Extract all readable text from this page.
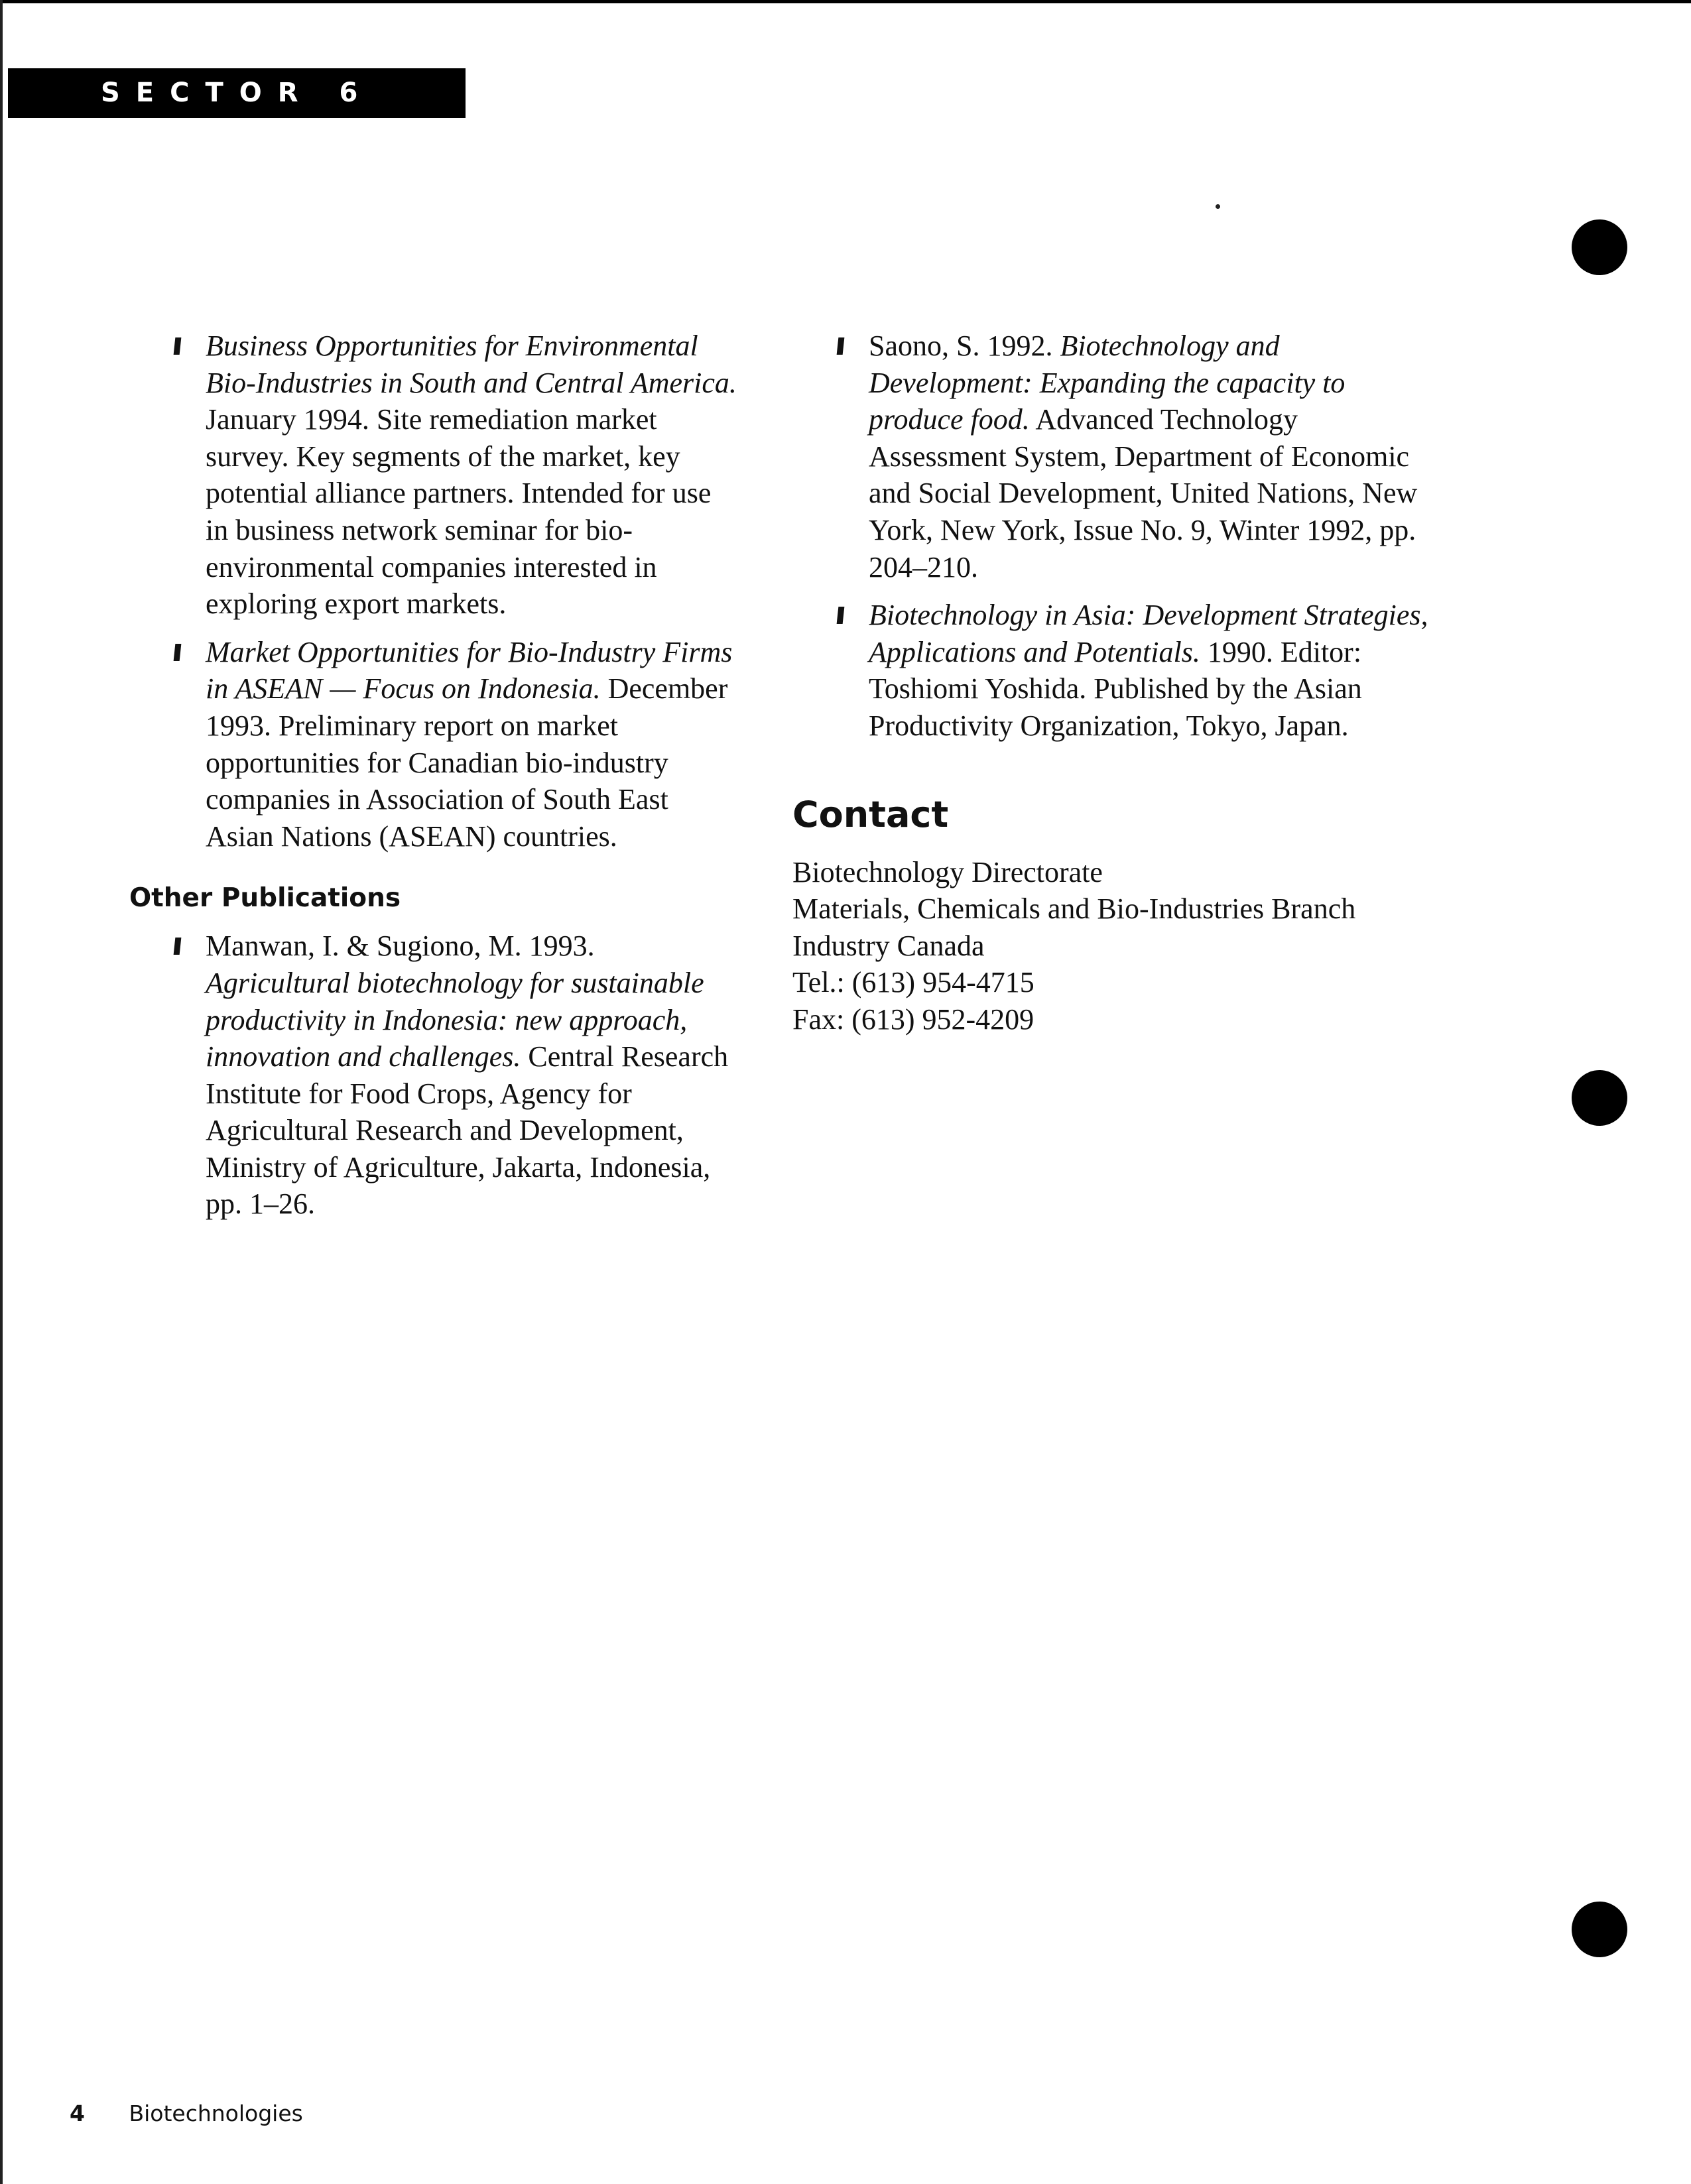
SECTOR 6
Business Opportunities for Environmental Bio-Industries in South and Central America. January 1994. Site remediation market survey. Key segments of the market, key potential alliance partners. Intended for use in business network seminar for bio-environmental companies interested in exploring export markets.
Market Opportunities for Bio-Industry Firms in ASEAN — Focus on Indonesia. December 1993. Preliminary report on market opportunities for Canadian bio-industry companies in Association of South East Asian Nations (ASEAN) countries.
Other Publications
Manwan, I. & Sugiono, M. 1993. Agricultural biotechnology for sustainable productivity in Indonesia: new approach, innovation and challenges. Central Research Institute for Food Crops, Agency for Agricultural Research and Development, Ministry of Agriculture, Jakarta, Indonesia, pp. 1–26.
Saono, S. 1992. Biotechnology and Development: Expanding the capacity to produce food. Advanced Technology Assessment System, Department of Economic and Social Development, United Nations, New York, New York, Issue No. 9, Winter 1992, pp. 204–210.
Biotechnology in Asia: Development Strategies, Applications and Potentials. 1990. Editor: Toshiomi Yoshida. Published by the Asian Productivity Organization, Tokyo, Japan.
Contact
Biotechnology Directorate
Materials, Chemicals and Bio-Industries Branch
Industry Canada
Tel.: (613) 954-4715
Fax: (613) 952-4209
4 Biotechnologies
